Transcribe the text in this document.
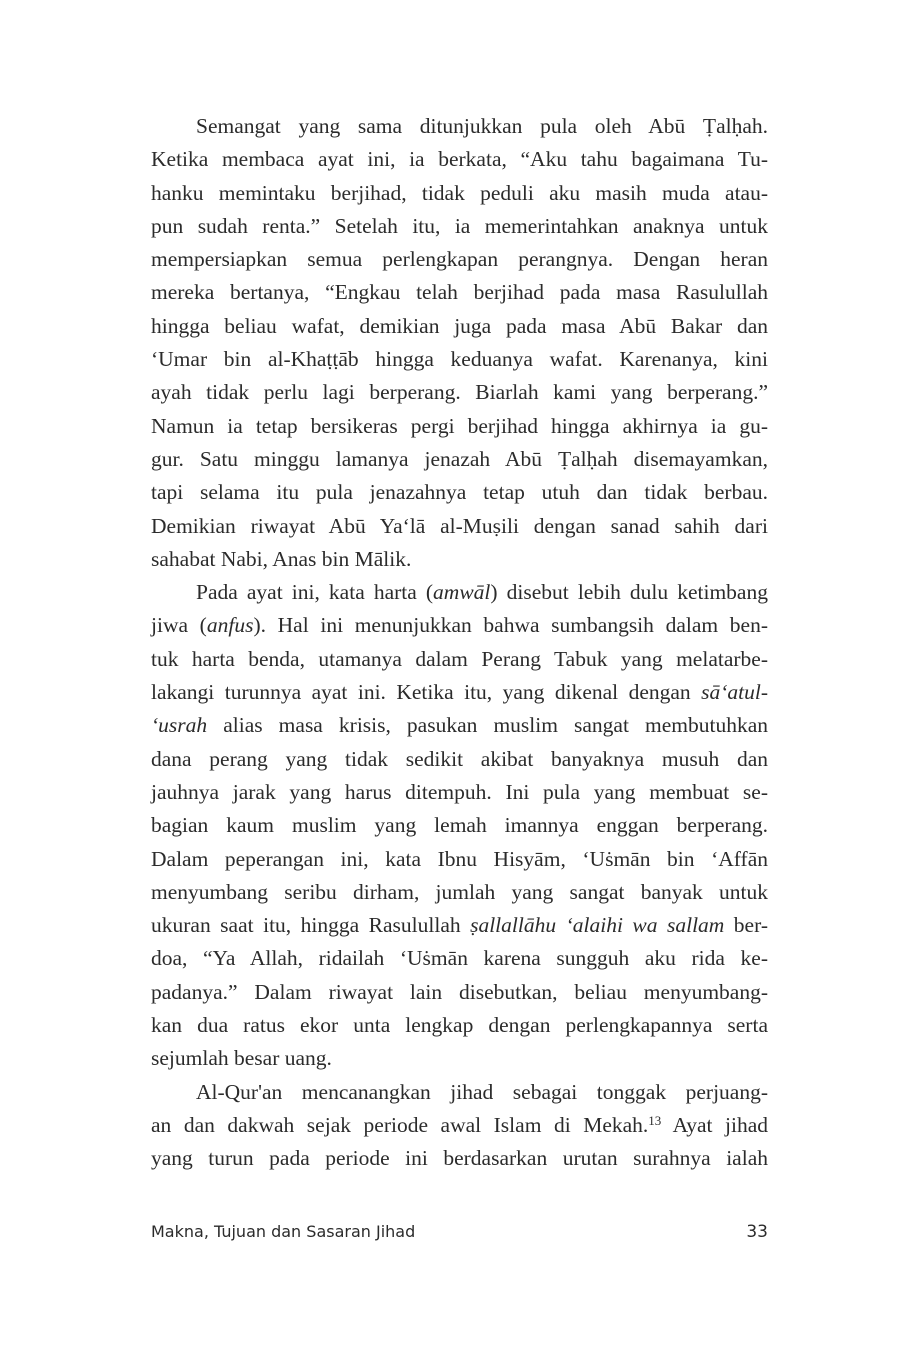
Semangat yang sama ditunjukkan pula oleh Abū Ṭalḥah.
Ketika membaca ayat ini, ia berkata, “Aku tahu bagaimana Tu-
hanku memintaku berjihad, tidak peduli aku masih muda atau-
pun sudah renta.” Setelah itu, ia memerintahkan anaknya untuk
mempersiapkan semua perlengkapan perangnya. Dengan heran
mereka bertanya, “Engkau telah berjihad pada masa Rasulullah
hingga beliau wafat, demikian juga pada masa Abū Bakar dan
‘Umar bin al-Khaṭṭāb hingga keduanya wafat. Karenanya, kini
ayah tidak perlu lagi berperang. Biarlah kami yang berperang.”
Namun ia tetap bersikeras pergi berjihad hingga akhirnya ia gu-
gur. Satu minggu lamanya jenazah Abū Ṭalḥah disemayamkan,
tapi selama itu pula jenazahnya tetap utuh dan tidak berbau.
Demikian riwayat Abū Ya‘lā al-Muṣili dengan sanad sahih dari
sahabat Nabi, Anas bin Mālik.
Pada ayat ini, kata harta (amwāl) disebut lebih dulu ketimbang
jiwa (anfus). Hal ini menunjukkan bahwa sumbangsih dalam ben-
tuk harta benda, utamanya dalam Perang Tabuk yang melatarbe-
lakangi turunnya ayat ini. Ketika itu, yang dikenal dengan sā‘atul-
‘usrah alias masa krisis, pasukan muslim sangat membutuhkan
dana perang yang tidak sedikit akibat banyaknya musuh dan
jauhnya jarak yang harus ditempuh. Ini pula yang membuat se-
bagian kaum muslim yang lemah imannya enggan berperang.
Dalam peperangan ini, kata Ibnu Hisyām, ‘Uṡmān bin ‘Affān
menyumbang seribu dirham, jumlah yang sangat banyak untuk
ukuran saat itu, hingga Rasulullah ṣallallāhu ‘alaihi wa sallam ber-
doa, “Ya Allah, ridailah ‘Uṡmān karena sungguh aku rida ke-
padanya.” Dalam riwayat lain disebutkan, beliau menyumbang-
kan dua ratus ekor unta lengkap dengan perlengkapannya serta
sejumlah besar uang.
Al-Qur'an mencanangkan jihad sebagai tonggak perjuang-
an dan dakwah sejak periode awal Islam di Mekah.$^{13}$ Ayat jihad
yang turun pada periode ini berdasarkan urutan surahnya ialah
Makna, Tujuan dan Sasaran Jihad	33
